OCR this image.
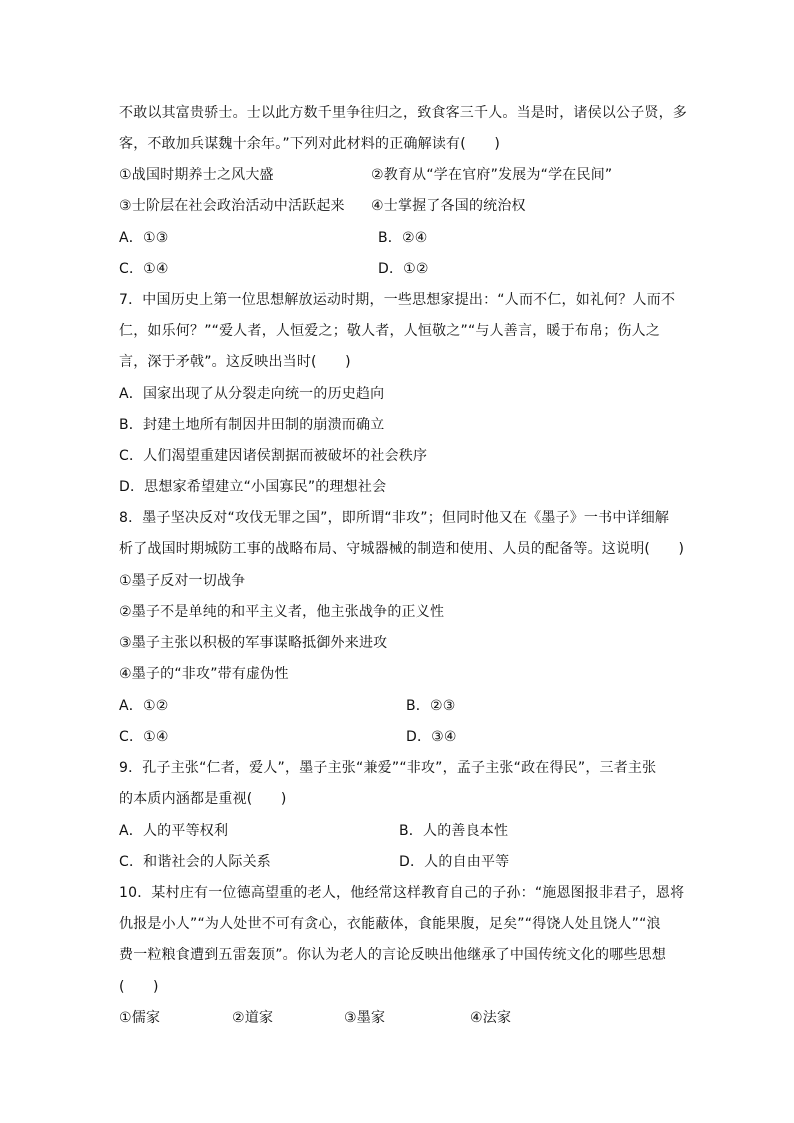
不敢以其富贵骄士。士以此方数千里争往归之，致食客三千人。当是时，诸侯以公子贤，多
客，不敢加兵谋魏十余年。”下列对此材料的正确解读有(　　)
①战国时期养士之风大盛	②教育从“学在官府”发展为“学在民间”
③士阶层在社会政治活动中活跃起来 ④士掌握了各国的统治权
A．①③	B．②④
C．①④	D．①②
7．中国历史上第一位思想解放运动时期，一些思想家提出：“人而不仁，如礼何？人而不
仁，如乐何？”“爱人者，人恒爱之；敬人者，人恒敬之”“与人善言，暖于布帛；伤人之
言，深于矛戟”。这反映出当时(　　)
A．国家出现了从分裂走向统一的历史趋向
B．封建土地所有制因井田制的崩溃而确立
C．人们渴望重建因诸侯割据而被破坏的社会秩序
D．思想家希望建立“小国寡民”的理想社会
8．墨子坚决反对“攻伐无罪之国”，即所谓“非攻”；但同时他又在《墨子》一书中详细解
析了战国时期城防工事的战略布局、守城器械的制造和使用、人员的配备等。这说明(　　)
①墨子反对一切战争
②墨子不是单纯的和平主义者，他主张战争的正义性
③墨子主张以积极的军事谋略抵御外来进攻
④墨子的“非攻”带有虚伪性
A．①②	B．②③
C．①④	D．③④
9．孔子主张“仁者，爱人”，墨子主张“兼爱”“非攻”，孟子主张“政在得民”，三者主张
的本质内涵都是重视(　　)
A．人的平等权利	B．人的善良本性
C．和谐社会的人际关系	D．人的自由平等
10．某村庄有一位德高望重的老人，他经常这样教育自己的子孙：“施恩图报非君子，恩将
仇报是小人”“为人处世不可有贪心，衣能蔽体，食能果腹，足矣”“得饶人处且饶人”“浪
费一粒粮食遭到五雷轰顶”。你认为老人的言论反映出他继承了中国传统文化的哪些思想
(　　)
①儒家	②道家	③墨家	④法家
